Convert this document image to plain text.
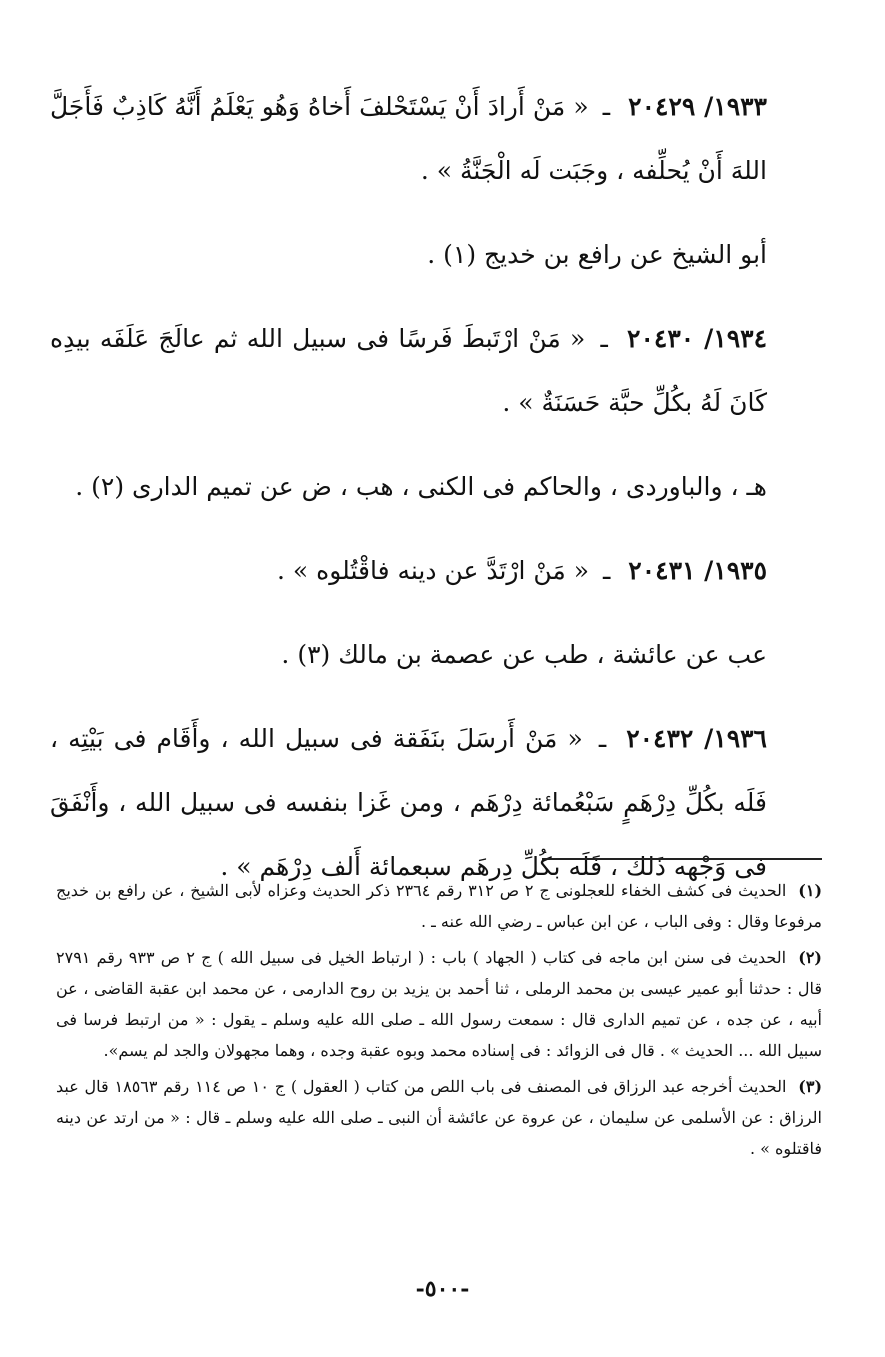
١٩٣٣/ ٢٠٤٢٩ ـ « مَنْ أَرادَ أَنْ يَسْتَحْلفَ أَخاهُ وَهُو يَعْلَمُ أَنَّهُ كَاذِبٌ فَأَجَلَّ اللهَ أَنْ يُحلِّفه ، وجَبَت لَه الْجَنَّةُ » .

أبو الشيخ عن رافع بن خديج (١) .

١٩٣٤/ ٢٠٤٣٠ ـ « مَنْ ارْتَبطَ فَرسًا فى سبيل الله ثم عالَجَ عَلَفَه بيدِه كَانَ لَهُ بكُلِّ حبَّة حَسَنَةٌ » .

هـ ، والباوردى ، والحاكم فى الكنى ، هب ، ض عن تميم الدارى (٢) .

١٩٣٥/ ٢٠٤٣١ ـ « مَنْ ارْتَدَّ عن دينه فاقْتُلوه » .

عب عن عائشة ، طب عن عصمة بن مالك (٣) .

١٩٣٦/ ٢٠٤٣٢ ـ « مَنْ أَرسَلَ بنَفَقة فى سبيل الله ، وأَقَام فى بَيْتِه ، فَلَه بكُلِّ دِرْهَمٍ سَبْعُمائة دِرْهَم ، ومن غَزا بنفسه فى سبيل الله ، وأَنْفَقَ فى وَجْهه ذَلك ، فَلَه بكُلِّ دِرهَم سبعمائة أَلف دِرْهَم » .

(١) الحديث فى كشف الخفاء للعجلونى ج ٢ ص ٣١٢ رقم ٢٣٦٤ ذكر الحديث وعزاه لأبى الشيخ ، عن رافع بن خديج مرفوعا وقال : وفى الباب ، عن ابن عباس ـ رضي الله عنه ـ .

(٢) الحديث فى سنن ابن ماجه فى كتاب ( الجهاد ) باب : ( ارتباط الخيل فى سبيل الله ) ج ٢ ص ٩٣٣ رقم ٢٧٩١ قال : حدثنا أبو عمير عيسى بن محمد الرملى ، ثنا أحمد بن يزيد بن روح الدارمى ، عن محمد ابن عقبة القاضى ، عن أبيه ، عن جده ، عن تميم الدارى قال : سمعت رسول الله ـ صلى الله عليه وسلم ـ يقول : « من ارتبط فرسا فى سبيل الله ... الحديث » . قال فى الزوائد : فى إسناده محمد وبوه عقبة وجده ، وهما مجهولان والجد لم يسم».

(٣) الحديث أخرجه عبد الرزاق فى المصنف فى باب اللص من كتاب ( العقول ) ج ١٠ ص ١١٤ رقم ١٨٥٦٣ قال عبد الرزاق : عن الأسلمى عن سليمان ، عن عروة عن عائشة أن النبى ـ صلى الله عليه وسلم ـ قال : « من ارتد عن دينه فاقتلوه » .

-٥٠٠-
